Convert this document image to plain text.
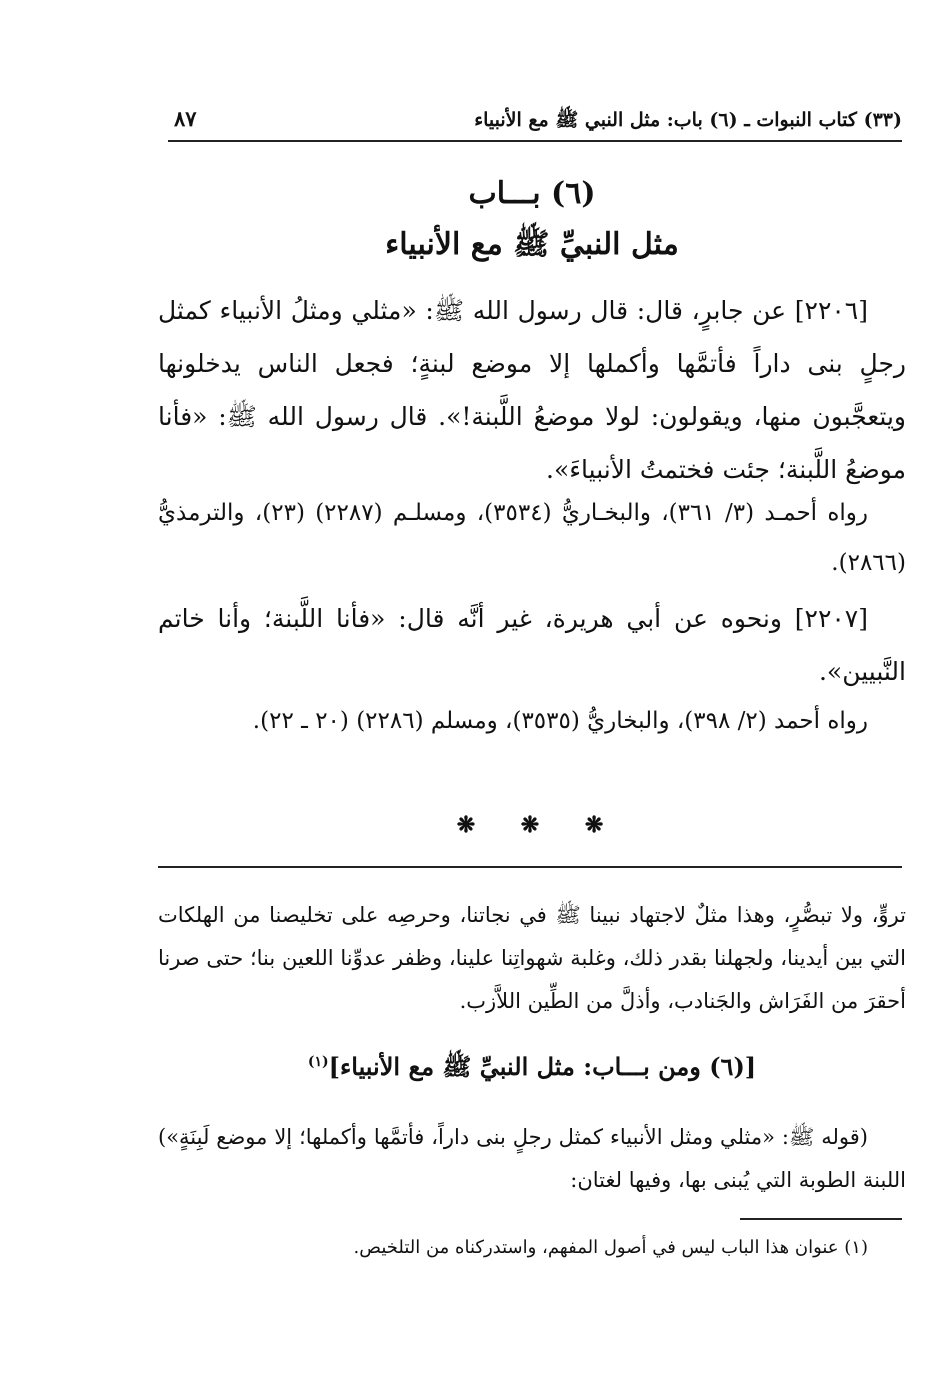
(٣٣) كتاب النبوات ـ (٦) باب: مثل النبي ﷺ مع الأنبياء
٨٧
(٦) بـــاب
مثل النبيِّ ﷺ مع الأنبياء
[٢٢٠٦] عن جابرٍ، قال: قال رسول الله ﷺ: «مثلي ومثلُ الأنبياء كمثل رجلٍ بنى داراً فأتمَّها وأكملها إلا موضع لبنةٍ؛ فجعل الناس يدخلونها ويتعجَّبون منها، ويقولون: لولا موضعُ اللَّبنة!». قال رسول الله ﷺ: «فأنا موضعُ اللَّبنة؛ جئت فختمتُ الأنبياءَ».
رواه أحمـد (٣/ ٣٦١)، والبخـاريُّ (٣٥٣٤)، ومسلـم (٢٢٨٧) (٢٣)، والترمذيُّ (٢٨٦٦).
[٢٢٠٧] ونحوه عن أبي هريرة، غير أنَّه قال: «فأنا اللَّبنة؛ وأنا خاتم النَّبيين».
رواه أحمد (٢/ ٣٩٨)، والبخاريُّ (٣٥٣٥)، ومسلم (٢٢٨٦) (٢٠ ـ ٢٢).
❋ ❋ ❋
تروٍّ، ولا تبصُّرٍ، وهذا مثلٌ لاجتهاد نبينا ﷺ في نجاتنا، وحرصِه على تخليصنا من الهلكات التي بين أيدينا، ولجهلنا بقدر ذلك، وغلبة شهواتِنا علينا، وظفر عدوِّنا اللعين بنا؛ حتى صرنا أحقرَ من الفَرَاش والجَنادب، وأذلَّ من الطِّين اللاَّزب.
[(٦) ومن بـــاب: مثل النبيِّ ﷺ مع الأنبياء]$^{(١)}$
(قوله ﷺ: «مثلي ومثل الأنبياء كمثل رجلٍ بنى داراً، فأتمَّها وأكملها؛ إلا موضع لَبِنَةٍ») اللبنة الطوبة التي يُبنى بها، وفيها لغتان:
(١) عنوان هذا الباب ليس في أصول المفهم، واستدركناه من التلخيص.
